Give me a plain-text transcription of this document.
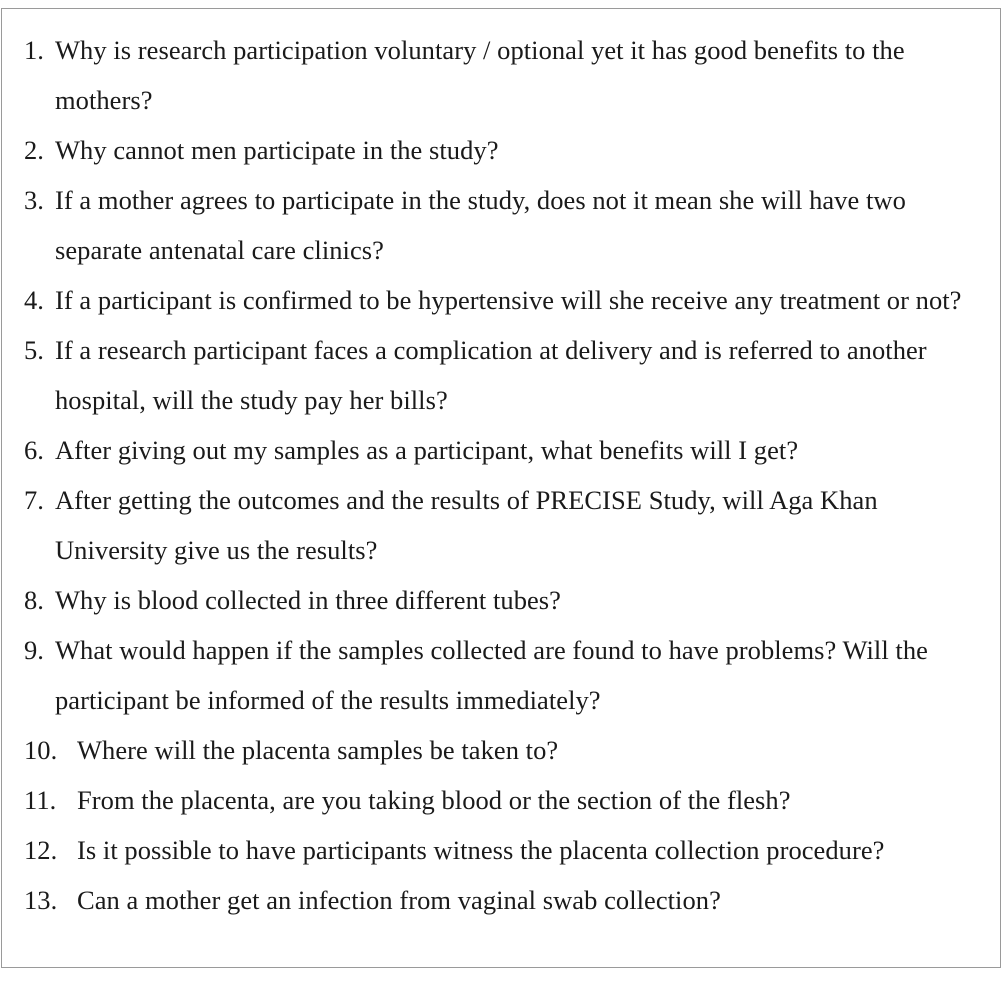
1. Why is research participation voluntary / optional yet it has good benefits to the mothers?
2. Why cannot men participate in the study?
3. If a mother agrees to participate in the study, does not it mean she will have two separate antenatal care clinics?
4. If a participant is confirmed to be hypertensive will she receive any treatment or not?
5. If a research participant faces a complication at delivery and is referred to another hospital, will the study pay her bills?
6. After giving out my samples as a participant, what benefits will I get?
7. After getting the outcomes and the results of PRECISE Study, will Aga Khan University give us the results?
8. Why is blood collected in three different tubes?
9. What would happen if the samples collected are found to have problems? Will the participant be informed of the results immediately?
10. Where will the placenta samples be taken to?
11. From the placenta, are you taking blood or the section of the flesh?
12. Is it possible to have participants witness the placenta collection procedure?
13. Can a mother get an infection from vaginal swab collection?
